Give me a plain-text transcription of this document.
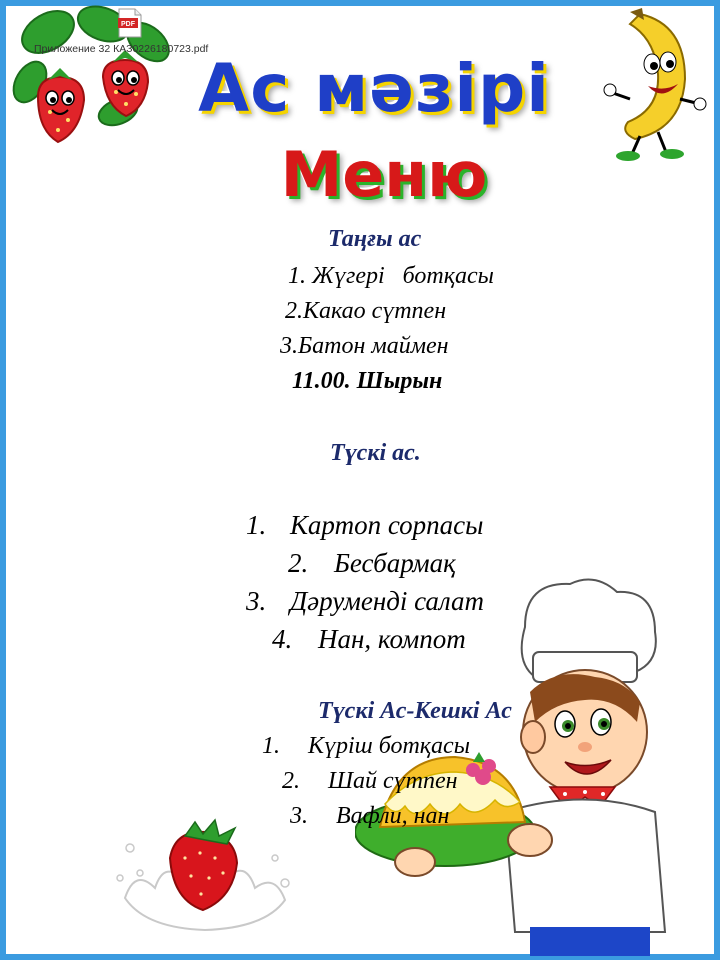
PDF
Приложение 32 КАЗ0226180723.pdf
Ас мәзірі
Меню
Таңғы ас
1. Жүгері   ботқасы
2.Какао сүтпен
3.Батон маймен
11.00. Шырын
Түскі ас.
1. Картоп сорпасы
2. Бесбармақ
3. Дәруменді салат
4. Нан, компот
Түскі Ас-Кешкі Ас
1. Күріш ботқасы
2. Шай сүтпен
3. Вафли, нан
